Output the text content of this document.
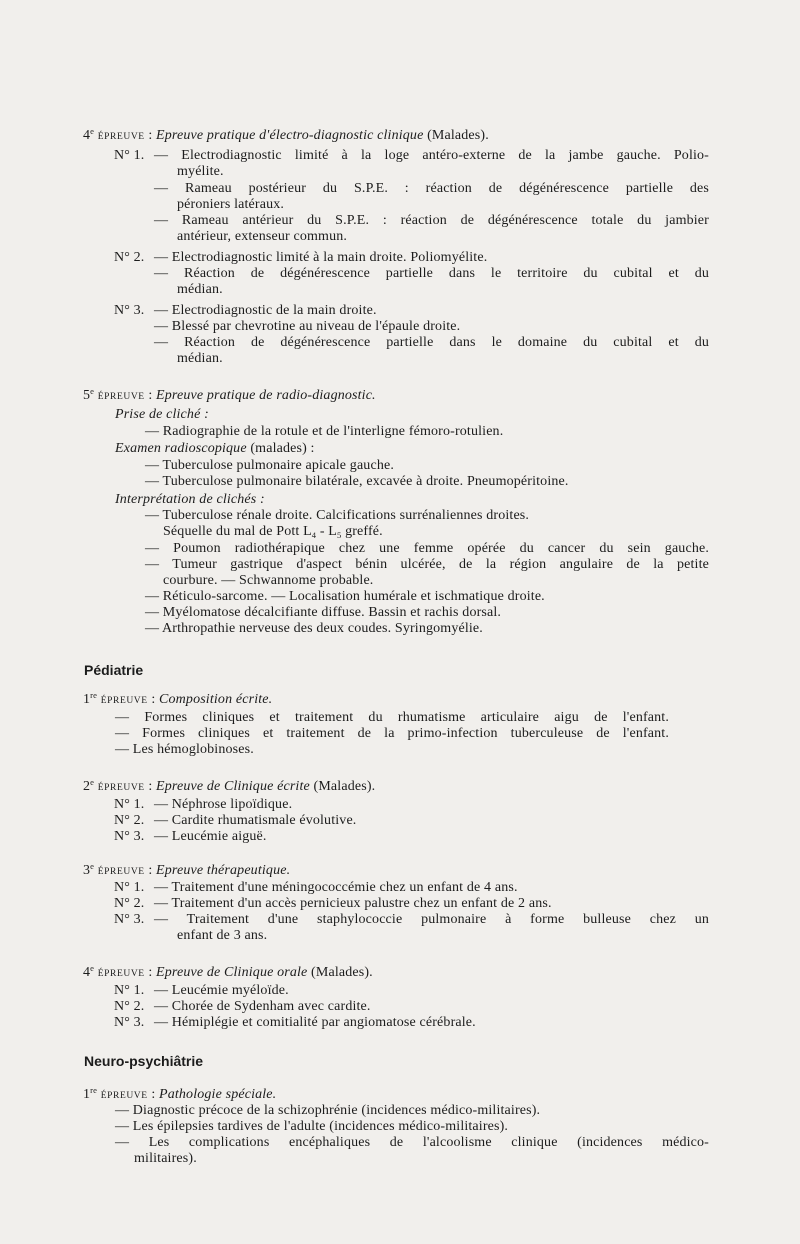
4e ÉPREUVE : Epreuve pratique d'électro-diagnostic clinique (Malades).
N° 1. — Electrodiagnostic limité à la loge antéro-externe de la jambe gauche. Polio-
myélite.
— Rameau postérieur du S.P.E. : réaction de dégénérescence partielle des
péroniers latéraux.
— Rameau antérieur du S.P.E. : réaction de dégénérescence totale du jambier
antérieur, extenseur commun.
N° 2. — Electrodiagnostic limité à la main droite. Poliomyélite.
— Réaction de dégénérescence partielle dans le territoire du cubital et du
médian.
N° 3. — Electrodiagnostic de la main droite.
— Blessé par chevrotine au niveau de l'épaule droite.
— Réaction de dégénérescence partielle dans le domaine du cubital et du
médian.
5e ÉPREUVE : Epreuve pratique de radio-diagnostic.
Prise de cliché :
— Radiographie de la rotule et de l'interligne fémoro-rotulien.
Examen radioscopique (malades) :
— Tuberculose pulmonaire apicale gauche.
— Tuberculose pulmonaire bilatérale, excavée à droite. Pneumopéritoine.
Interprétation de clichés :
— Tuberculose rénale droite. Calcifications surrénaliennes droites.
Séquelle du mal de Pott $L_4 - L_5$ greffé.
— Poumon radiothérapique chez une femme opérée du cancer du sein gauche.
— Tumeur gastrique d'aspect bénin ulcérée, de la région angulaire de la petite
courbure. — Schwannome probable.
— Réticulo-sarcome. — Localisation humérale et ischmatique droite.
— Myélomatose décalcifiante diffuse. Bassin et rachis dorsal.
— Arthropathie nerveuse des deux coudes. Syringomyélie.
Pédiatrie
1re ÉPREUVE : Composition écrite.
— Formes cliniques et traitement du rhumatisme articulaire aigu de l'enfant.
— Formes cliniques et traitement de la primo-infection tuberculeuse de l'enfant.
— Les hémoglobinoses.
2e ÉPREUVE : Epreuve de Clinique écrite (Malades).
N° 1. — Néphrose lipoïdique.
N° 2. — Cardite rhumatismale évolutive.
N° 3. — Leucémie aiguë.
3e ÉPREUVE : Epreuve thérapeutique.
N° 1. — Traitement d'une méningococcémie chez un enfant de 4 ans.
N° 2. — Traitement d'un accès pernicieux palustre chez un enfant de 2 ans.
N° 3. — Traitement d'une staphylococcie pulmonaire à forme bulleuse chez un
enfant de 3 ans.
4e ÉPREUVE : Epreuve de Clinique orale (Malades).
N° 1. — Leucémie myéloïde.
N° 2. — Chorée de Sydenham avec cardite.
N° 3. — Hémiplégie et comitialité par angiomatose cérébrale.
Neuro-psychiâtrie
1re ÉPREUVE : Pathologie spéciale.
— Diagnostic précoce de la schizophrénie (incidences médico-militaires).
— Les épilepsies tardives de l'adulte (incidences médico-militaires).
— Les complications encéphaliques de l'alcoolisme clinique (incidences médico-
militaires).
